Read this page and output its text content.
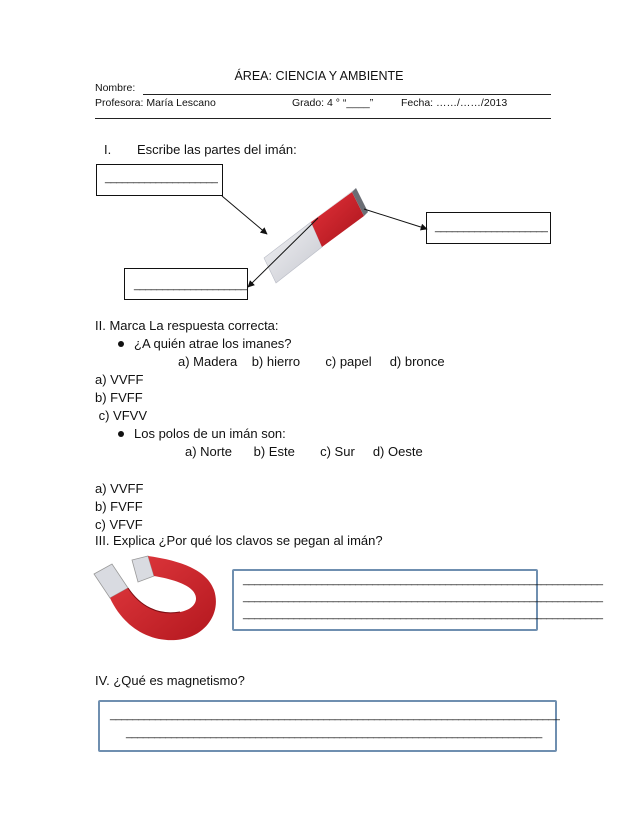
ÁREA: CIENCIA Y AMBIENTE
Nombre:
Profesora: María Lescano	Grado: 4 ° “____”	Fecha: ……/……/2013
I. Escribe las partes del imán:
____________________
____________________
____________________
II. Marca La respuesta correcta:
¿A quién atrae los imanes?
a) Madera    b) hierro       c) papel     d) bronce
a) VVFF
b) FVFF
c) VFVV
Los polos de un imán son:
a) Norte      b) Este       c) Sur     d) Oeste
a) VVFF
b) FVFF
c) VFVF
III. Explica ¿Por qué los clavos se pegan al imán?
________________________________________________________________
________________________________________________________________
________________________________________________________________
IV. ¿Qué es magnetismo?
________________________________________________________________________________
__________________________________________________________________________
